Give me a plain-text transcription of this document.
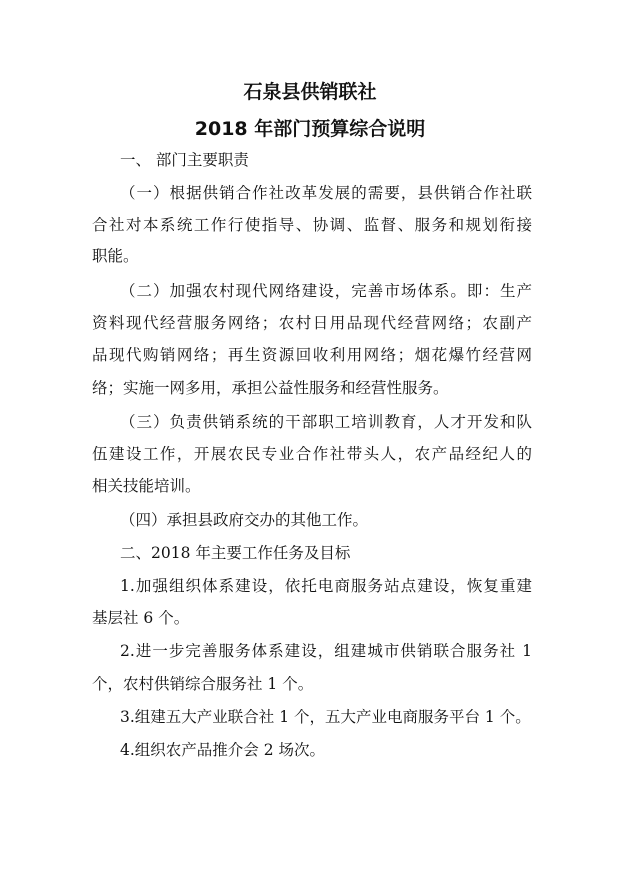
石泉县供销联社
2018 年部门预算综合说明

一、 部门主要职责

（一）根据供销合作社改革发展的需要，县供销合作社联

合社对本系统工作行使指导、协调、监督、服务和规划衔接

职能。

（二）加强农村现代网络建设，完善市场体系。即：生产

资料现代经营服务网络；农村日用品现代经营网络；农副产

品现代购销网络；再生资源回收利用网络；烟花爆竹经营网

络；实施一网多用，承担公益性服务和经营性服务。

（三）负责供销系统的干部职工培训教育，人才开发和队

伍建设工作，开展农民专业合作社带头人，农产品经纪人的

相关技能培训。

（四）承担县政府交办的其他工作。

二、2018 年主要工作任务及目标

1.加强组织体系建设，依托电商服务站点建设，恢复重建

基层社 6 个。

2.进一步完善服务体系建设，组建城市供销联合服务社 1

个，农村供销综合服务社 1 个。

3.组建五大产业联合社 1 个，五大产业电商服务平台 1 个。

4.组织农产品推介会 2 场次。
